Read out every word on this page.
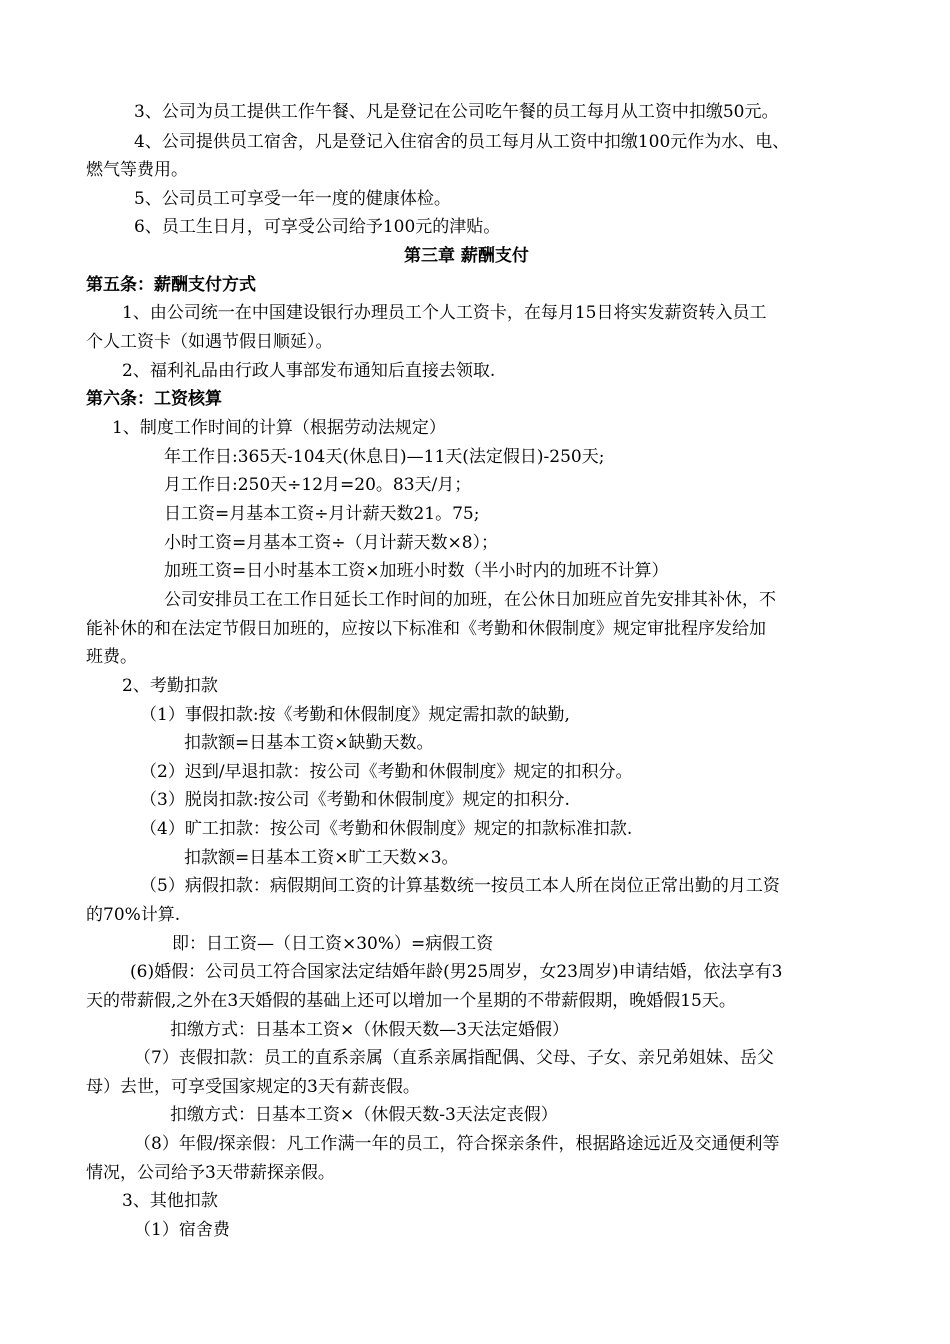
3、公司为员工提供工作午餐、凡是登记在公司吃午餐的员工每月从工资中扣缴50元。
4、公司提供员工宿舍，凡是登记入住宿舍的员工每月从工资中扣缴100元作为水、电、
燃气等费用。
5、公司员工可享受一年一度的健康体检。
6、员工生日月，可享受公司给予100元的津贴。
第三章 薪酬支付
第五条：薪酬支付方式
1、由公司统一在中国建设银行办理员工个人工资卡，在每月15日将实发薪资转入员工
个人工资卡（如遇节假日顺延）。
2、福利礼品由行政人事部发布通知后直接去领取.
第六条：工资核算
1、制度工作时间的计算（根据劳动法规定）
年工作日:365天-104天(休息日)—11天(法定假日)-250天;
月工作日:250天÷12月=20。83天/月；
日工资=月基本工资÷月计薪天数21。75;
小时工资=月基本工资÷（月计薪天数×8）；
加班工资=日小时基本工资×加班小时数（半小时内的加班不计算）
公司安排员工在工作日延长工作时间的加班，在公休日加班应首先安排其补休，不
能补休的和在法定节假日加班的，应按以下标准和《考勤和休假制度》规定审批程序发给加
班费。
2、考勤扣款
（1）事假扣款:按《考勤和休假制度》规定需扣款的缺勤,
扣款额=日基本工资×缺勤天数。
（2）迟到/早退扣款：按公司《考勤和休假制度》规定的扣积分。
（3）脱岗扣款:按公司《考勤和休假制度》规定的扣积分.
（4）旷工扣款：按公司《考勤和休假制度》规定的扣款标准扣款.
扣款额=日基本工资×旷工天数×3。
（5）病假扣款：病假期间工资的计算基数统一按员工本人所在岗位正常出勤的月工资
的70%计算.
即：日工资—（日工资×30%）=病假工资
(6)婚假：公司员工符合国家法定结婚年龄(男25周岁，女23周岁)申请结婚，依法享有3
天的带薪假,之外在3天婚假的基础上还可以增加一个星期的不带薪假期，晚婚假15天。
扣缴方式：日基本工资×（休假天数—3天法定婚假）
（7）丧假扣款：员工的直系亲属（直系亲属指配偶、父母、子女、亲兄弟姐妹、岳父
母）去世，可享受国家规定的3天有薪丧假。
扣缴方式：日基本工资×（休假天数-3天法定丧假）
（8）年假/探亲假：凡工作满一年的员工，符合探亲条件，根据路途远近及交通便利等
情况，公司给予3天带薪探亲假。
3、其他扣款
（1）宿舍费
